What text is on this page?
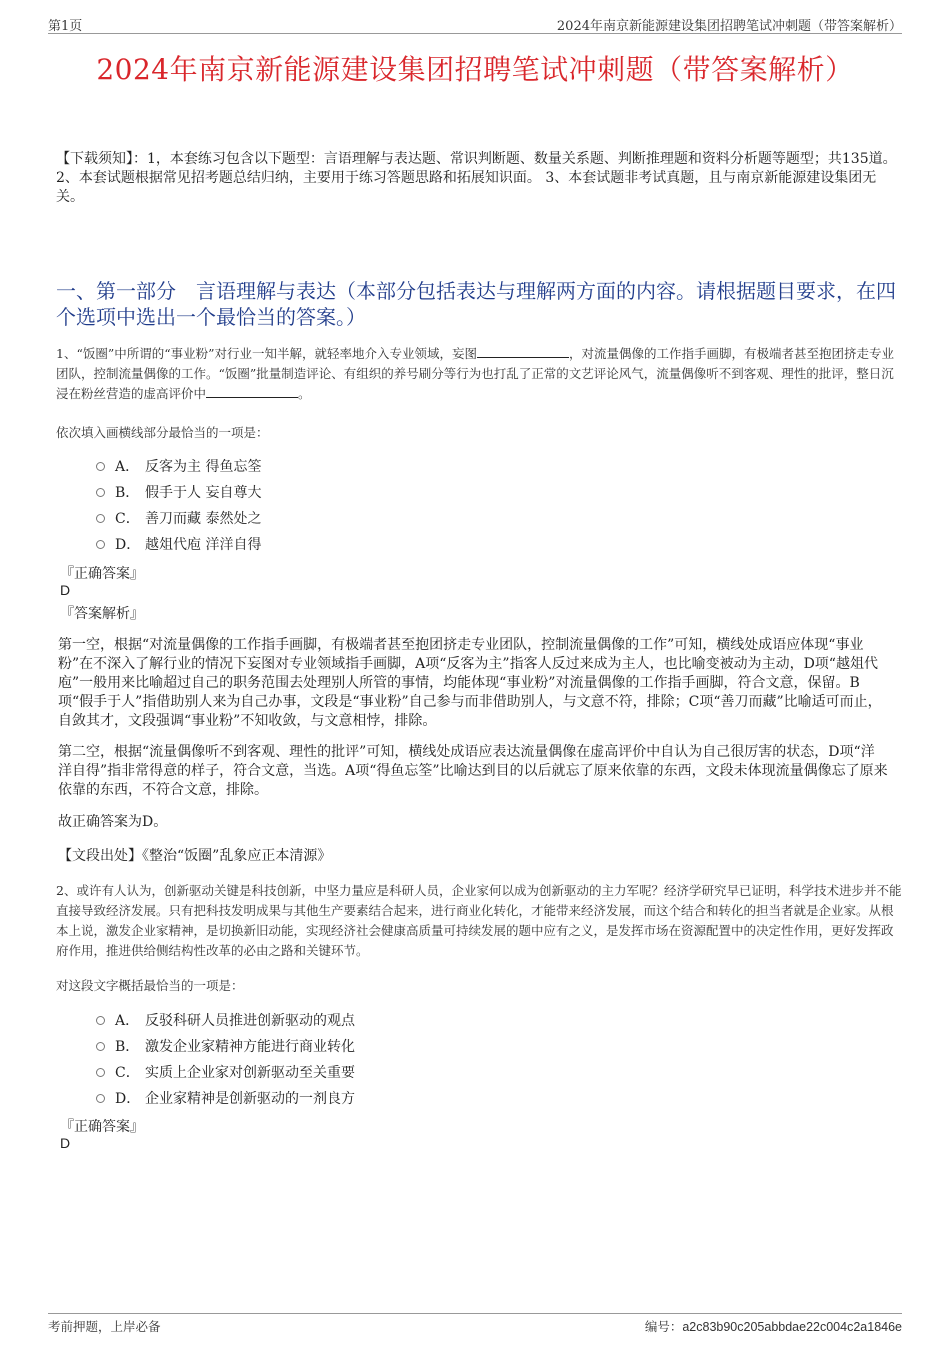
第1页	2024年南京新能源建设集团招聘笔试冲刺题（带答案解析）
2024年南京新能源建设集团招聘笔试冲刺题（带答案解析）
【下载须知】：1，本套练习包含以下题型：言语理解与表达题、常识判断题、数量关系题、判断推理题和资料分析题等题型；共135道。 2、本套试题根据常见招考题总结归纳，主要用于练习答题思路和拓展知识面。 3、本套试题非考试真题，且与南京新能源建设集团无关。
一、第一部分　言语理解与表达（本部分包括表达与理解两方面的内容。请根据题目要求，在四个选项中选出一个最恰当的答案。）
1、“饭圈”中所谓的“事业粉”对行业一知半解，就轻率地介入专业领域，妄图	，对流量偶像的工作指手画脚，有极端者甚至抱团挤走专业团队，控制流量偶像的工作。“饭圈”批量制造评论、有组织的养号刷分等行为也打乱了正常的文艺评论风气，流量偶像听不到客观、理性的批评，整日沉浸在粉丝营造的虚高评价中	。
依次填入画横线部分最恰当的一项是：
A． 反客为主 得鱼忘筌
B． 假手于人 妄自尊大
C． 善刀而藏 泰然处之
D． 越俎代庖 洋洋自得
『正确答案』
D
『答案解析』
第一空，根据“对流量偶像的工作指手画脚，有极端者甚至抱团挤走专业团队，控制流量偶像的工作”可知，横线处成语应体现“事业粉”在不深入了解行业的情况下妄图对专业领域指手画脚，A项“反客为主”指客人反过来成为主人，也比喻变被动为主动，D项“越俎代庖”一般用来比喻超过自己的职务范围去处理别人所管的事情，均能体现“事业粉”对流量偶像的工作指手画脚，符合文意，保留。B项“假手于人”指借助别人来为自己办事，文段是“事业粉”自己参与而非借助别人，与文意不符，排除；C项“善刀而藏”比喻适可而止，自敛其才，文段强调“事业粉”不知收敛，与文意相悖，排除。
第二空，根据“流量偶像听不到客观、理性的批评”可知，横线处成语应表达流量偶像在虚高评价中自认为自己很厉害的状态，D项“洋洋自得”指非常得意的样子，符合文意，当选。A项“得鱼忘筌”比喻达到目的以后就忘了原来依靠的东西，文段未体现流量偶像忘了原来依靠的东西，不符合文意，排除。
故正确答案为D。
【文段出处】《整治“饭圈”乱象应正本清源》
2、或许有人认为，创新驱动关键是科技创新，中坚力量应是科研人员，企业家何以成为创新驱动的主力军呢？经济学研究早已证明，科学技术进步并不能直接导致经济发展。只有把科技发明成果与其他生产要素结合起来，进行商业化转化，才能带来经济发展，而这个结合和转化的担当者就是企业家。从根本上说，激发企业家精神，是切换新旧动能，实现经济社会健康高质量可持续发展的题中应有之义，是发挥市场在资源配置中的决定性作用，更好发挥政府作用，推进供给侧结构性改革的必由之路和关键环节。
对这段文字概括最恰当的一项是：
A． 反驳科研人员推进创新驱动的观点
B． 激发企业家精神方能进行商业转化
C． 实质上企业家对创新驱动至关重要
D． 企业家精神是创新驱动的一剂良方
『正确答案』
D
考前押题，上岸必备	编号：a2c83b90c205abbdae22c004c2a1846e
